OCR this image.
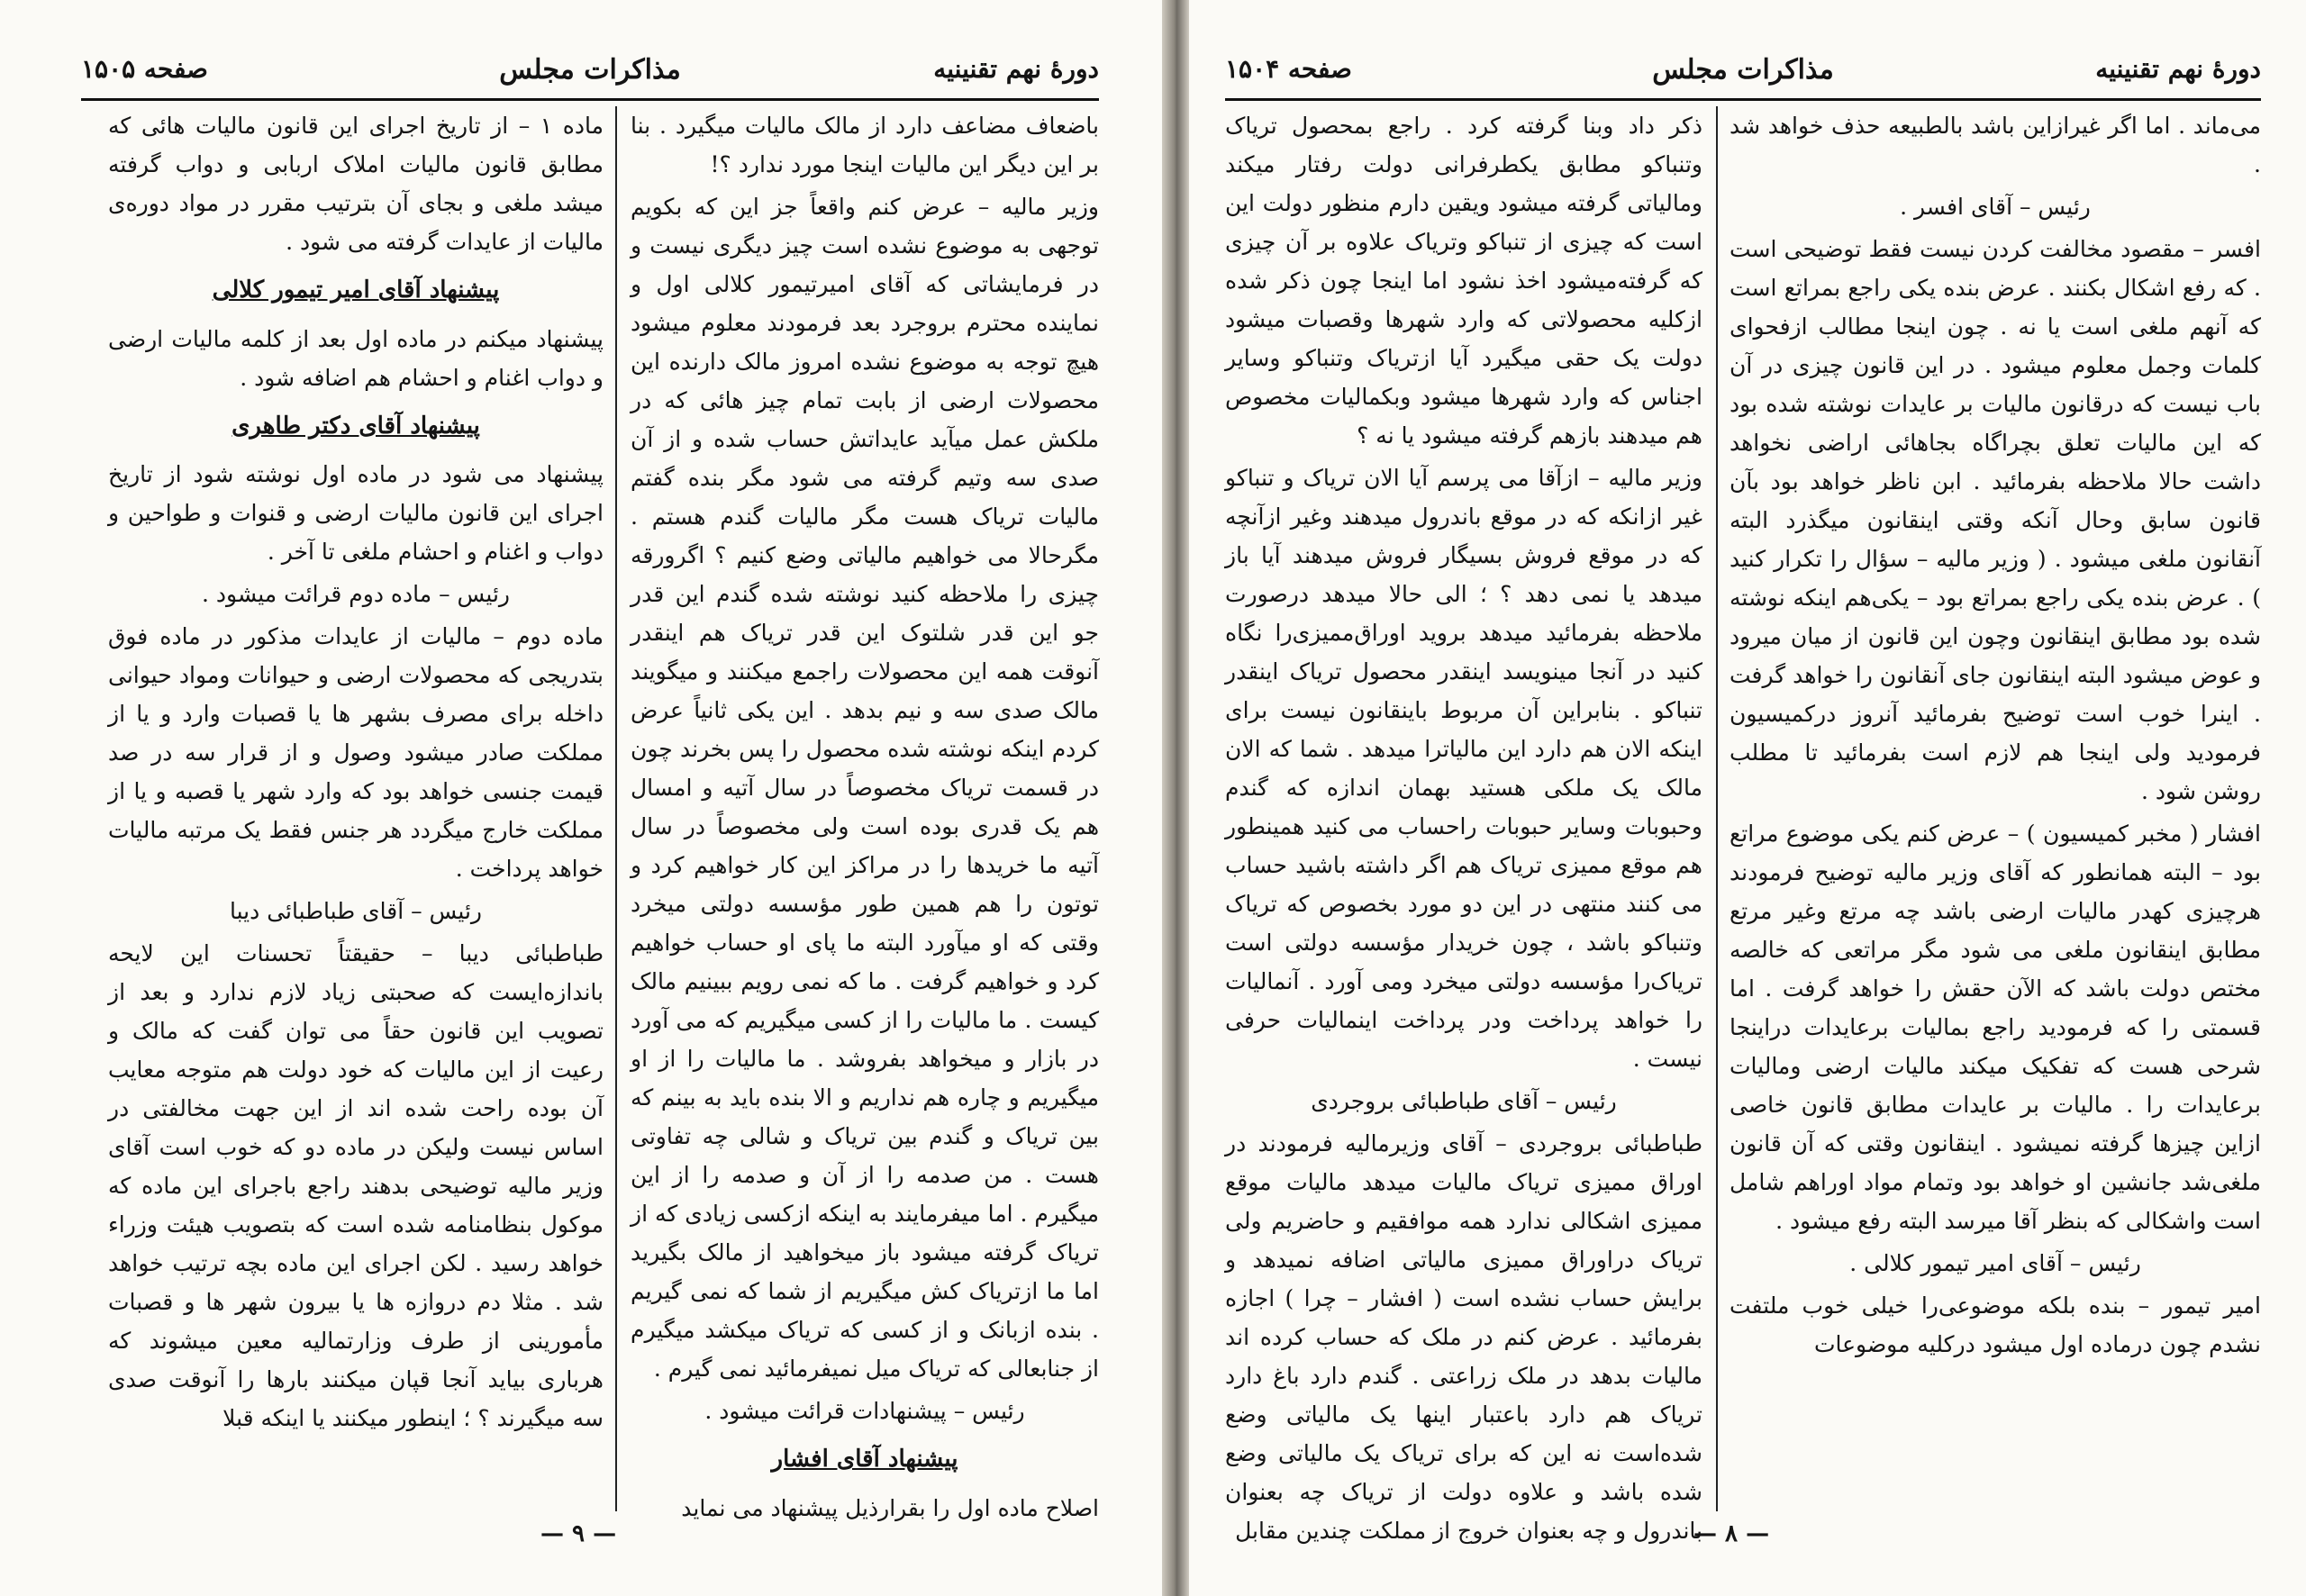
دورهٔ نهم تقنینیه
مذاکرات مجلس
صفحه ۱۵۰۵

باضعاف مضاعف دارد از مالک مالیات میگیرد . بنا بر این دیگر این مالیات اینجا مورد ندارد ؟!

وزیر مالیه – عرض کنم واقعاً جز این که بکویم توجهی به موضوع نشده است چیز دیگری نیست و در فرمایشاتی که آقای امیرتیمور کلالی اول و نماینده محترم بروجرد بعد فرمودند معلوم میشود هیچ توجه به موضوع نشده امروز مالک دارنده این محصولات ارضی از بابت تمام چیز هائی که در ملکش عمل میآید عایداتش حساب شده و از آن صدی سه وتیم گرفته می شود مگر بنده گفتم مالیات تریاک هست مگر مالیات گندم هستم . مگرحالا می خواهیم مالیاتی وضع کنیم ؟ اگرورقه چیزی را ملاحظه کنید نوشته شده گندم این قدر جو این قدر شلتوک این قدر تریاک هم اینقدر آنوقت همه این محصولات راجمع میکنند و میگویند مالک صدی سه و نیم بدهد . این یکی ثانیاً عرض کردم اینکه نوشته شده محصول را پس بخرند چون در قسمت تریاک مخصوصاً در سال آتیه و امسال هم یک قدری بوده است ولی مخصوصاً در سال آتیه ما خریدها را در مراکز این کار خواهیم کرد و توتون را هم همین طور مؤسسه دولتی میخرد وقتی که او میآورد البته ما پای او حساب خواهیم کرد و خواهیم گرفت . ما که نمی رویم ببینیم مالک کیست . ما مالیات را از کسی میگیریم که می آورد در بازار و میخواهد بفروشد . ما مالیات را از او میگیریم و چاره هم نداریم و الا بنده باید به بینم که بین تریاک و گندم بین تریاک و شالی چه تفاوتی هست . من صدمه را از آن و صدمه را از این میگیرم . اما میفرمایند به اینکه ازکسی زیادی که از تریاک گرفته میشود باز میخواهید از مالک بگیرید اما ما ازتریاک کش میگیریم از شما که نمی گیریم . بنده ازبانک و از کسی که تریاک میکشد میگیرم از جنابعالی که تریاک میل نمیفرمائید نمی گیرم .

رئیس – پیشنهادات قرائت میشود .

پیشنهاد آقای افشار

اصلاح ماده اول را بقرارذیل پیشنهاد می نماید

ماده ۱ – از تاریخ اجرای این قانون مالیات هائی که مطابق قانون مالیات املاک اربابی و دواب گرفته میشد ملغی و بجای آن بترتیب مقرر در مواد دوره‌ی مالیات از عایدات گرفته می شود .

پیشنهاد آقای امیر تیمور کلالی

پیشنهاد میکنم در ماده اول بعد از کلمه مالیات ارضی و دواب اغنام و احشام هم اضافه شود .

پیشنهاد آقای دکتر طاهری

پیشنهاد می شود در ماده اول نوشته شود از تاریخ اجرای این قانون مالیات ارضی و قنوات و طواحین و دواب و اغنام و احشام ملغی تا آخر .

رئیس – ماده دوم قرائت میشود .

ماده دوم – مالیات از عایدات مذکور در ماده فوق بتدریجی که محصولات ارضی و حیوانات ومواد حیوانی داخله برای مصرف بشهر ها یا قصبات وارد و یا از مملکت صادر میشود وصول و از قرار سه در صد قیمت جنسی خواهد بود که وارد شهر یا قصبه و یا از مملکت خارج میگردد هر جنس فقط یک مرتبه مالیات خواهد پرداخت .

رئیس – آقای طباطبائی دیبا

طباطبائی دیبا – حقیقتاً تحسنات این لایحه باندازه‌ایست که صحبتی زیاد لازم ندارد و بعد از تصویب این قانون حقاً می توان گفت که مالک و رعیت از این مالیات که خود دولت هم متوجه معایب آن بوده راحت شده اند از این جهت مخالفتی در اساس نیست ولیکن در ماده دو که خوب است آقای وزیر مالیه توضیحی بدهند راجع باجرای این ماده که موکول بنظامنامه شده است که بتصویب هیئت وزراء خواهد رسید . لکن اجرای این ماده بچه ترتیب خواهد شد . مثلا دم دروازه ها یا بیرون شهر ها و قصبات مأمورینی از طرف وزارتمالیه معین میشوند که هرباری بیاید آنجا قپان میکنند بارها را آنوقت صدی سه میگیرند ؟ ؛ اینطور میکنند یا اینکه قبلا

— ۹ —
دورهٔ نهم تقنینیه
مذاکرات مجلس
صفحه ۱۵۰۴

می‌ماند . اما اگر غیرازاین باشد بالطبیعه حذف خواهد شد .

رئیس – آقای افسر .

افسر – مقصود مخالفت کردن نیست فقط توضیحی است . که رفع اشکال بکنند . عرض بنده یکی راجع بمراتع است که آنهم ملغی است یا نه . چون اینجا مطالب ازفحوای کلمات وجمل معلوم میشود . در این قانون چیزی در آن باب نیست که درقانون مالیات بر عایدات نوشته شده بود که این مالیات تعلق بچراگاه بجاهائی اراضی نخواهد داشت حالا ملاحظه بفرمائید . ابن ناظر خواهد بود بآن قانون سابق وحال آنکه وقتی اینقانون میگذرد البته آنقانون ملغی میشود . ( وزیر مالیه – سؤال را تکرار کنید ) . عرض بنده یکی راجع بمراتع بود – یکی‌هم اینکه نوشته شده بود مطابق اینقانون وچون این قانون از میان میرود و عوض میشود البته اینقانون جای آنقانون را خواهد گرفت . اینرا خوب است توضیح بفرمائید آنروز درکمیسیون فرمودید ولی اینجا هم لازم است بفرمائید تا مطلب روشن شود .

افشار ( مخبر کمیسیون ) – عرض کنم یکی موضوع مراتع بود – البته همانطور که آقای وزیر مالیه توضیح فرمودند هرچیزی کهدر مالیات ارضی باشد چه مرتع وغیر مرتع مطابق اینقانون ملغی می شود مگر مراتعی که خالصه مختص دولت باشد که الآن حقش را خواهد گرفت . اما قسمتی را که فرمودید راجع بمالیات برعایدات دراینجا شرحی هست که تفکیک میکند مالیات ارضی ومالیات برعایدات را . مالیات بر عایدات مطابق قانون خاصی ازاین چیزها گرفته نمیشود . اینقانون وقتی که آن قانون ملغی‌شد جانشین او خواهد بود وتمام مواد اوراهم شامل است واشکالی که بنظر آقا میرسد البته رفع میشود .

رئیس – آقای امیر تیمور کلالی .

امیر تیمور – بنده بلکه موضوعی‌را خیلی خوب ملتفت نشدم چون درماده اول میشود درکلیه موضوعات

ذکر داد وبنا گرفته کرد . راجع بمحصول تریاک وتنباکو مطابق یکطرفرانی دولت رفتار میکند ومالیاتی گرفته میشود ویقین دارم منظور دولت این است که چیزی از تنباکو وتریاک علاوه بر آن چیزی که گرفته‌میشود اخذ نشود اما اینجا چون ذکر شده ازکلیه محصولاتی که وارد شهرها وقصبات میشود دولت یک حقی میگیرد آیا ازتریاک وتنباکو وسایر اجناس که وارد شهرها میشود وبکمالیات مخصوص هم میدهند بازهم گرفته میشود یا نه ؟

وزیر مالیه – ازآقا می پرسم آیا الان تریاک و تنباکو غیر ازانکه که در موقع باندرول میدهند وغیر ازآنچه که در موقع فروش بسیگار فروش میدهند آیا باز میدهد یا نمی دهد ؟ ؛ الی حالا میدهد درصورت ملاحظه بفرمائید میدهد بروید اوراق‌ممیزی‌را نگاه کنید در آنجا مینویسد اینقدر محصول تریاک اینقدر تنباکو . بنابراین آن مربوط باینقانون نیست برای اینکه الان هم دارد این مالیاترا میدهد . شما که الان مالک یک ملکی هستید بهمان اندازه که گندم وحبوبات وسایر حبوبات راحساب می کنید همینطور هم موقع ممیزی تریاک هم اگر داشته باشید حساب می کنند منتهی در این دو مورد بخصوص که تریاک وتنباکو باشد ، چون خریدار مؤسسه دولتی است تریاک‌را مؤسسه دولتی میخرد ومی آورد . آنمالیات را خواهد پرداخت ودر پرداخت اینمالیات حرفی نیست .

رئیس – آقای طباطبائی بروجردی

طباطبائی بروجردی – آقای وزیرمالیه فرمودند در اوراق ممیزی تریاک مالیات میدهد مالیات موقع ممیزی اشکالی ندارد همه موافقیم و حاضریم ولی تریاک دراوراق ممیزی مالیاتی اضافه نمیدهد و برایش حساب نشده است ( افشار – چرا ) اجازه بفرمائید . عرض کنم در ملک که حساب کرده اند مالیات بدهد در ملک زراعتی . گندم دارد باغ دارد تریاک هم دارد باعتبار اینها یک مالیاتی وضع شده‌است نه این که برای تریاک یک مالیاتی وضع شده باشد و علاوه دولت از تریاک چه بعنوان باندرول و چه بعنوان خروج از مملکت چندین مقابل

— ۸ —
